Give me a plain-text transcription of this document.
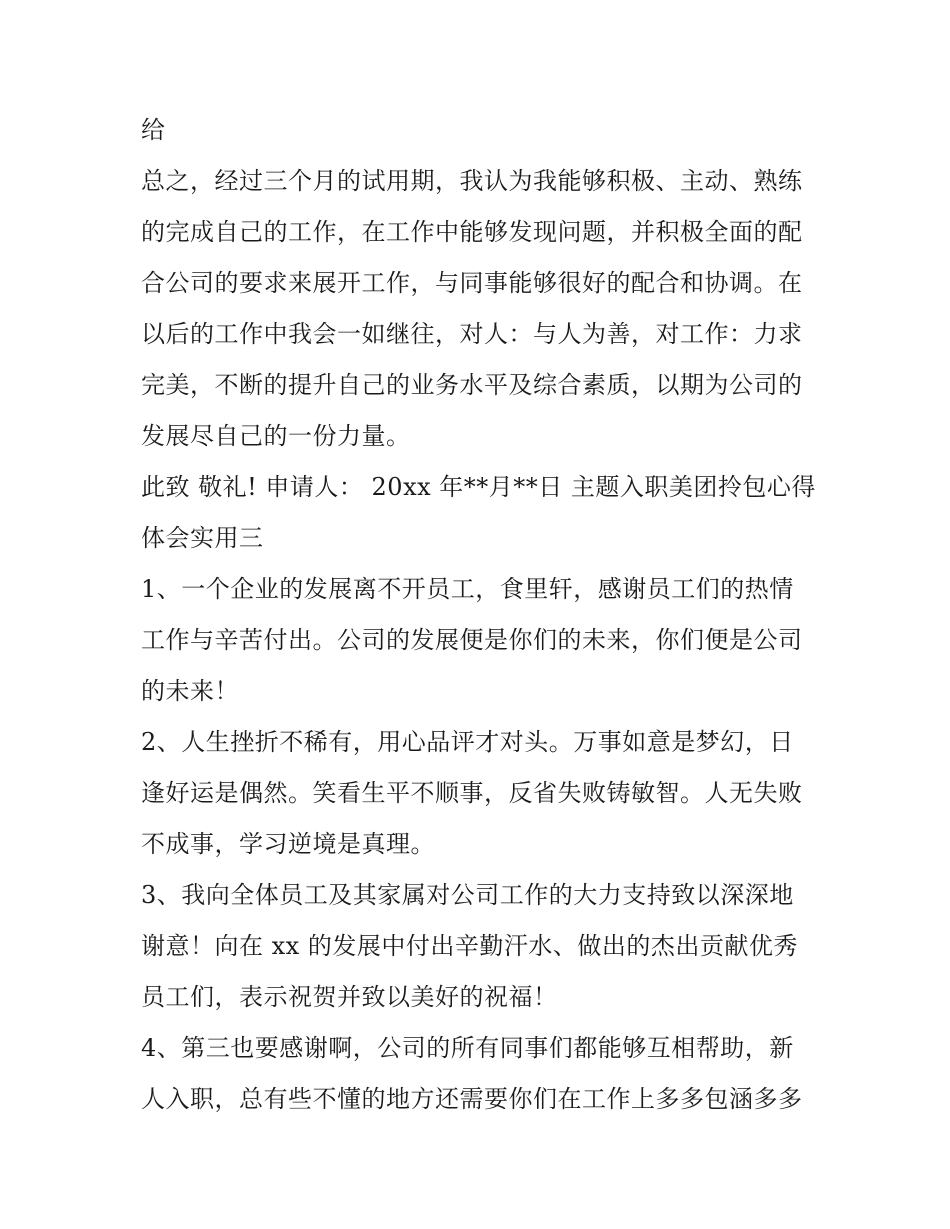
给
总之，经过三个月的试用期，我认为我能够积极、主动、熟练
的完成自己的工作，在工作中能够发现问题，并积极全面的配
合公司的要求来展开工作，与同事能够很好的配合和协调。在
以后的工作中我会一如继往，对人：与人为善，对工作：力求
完美，不断的提升自己的业务水平及综合素质，以期为公司的
发展尽自己的一份力量。
此致 敬礼! 申请人： 20xx 年**月**日 主题入职美团拎包心得
体会实用三
1、一个企业的发展离不开员工，食里轩，感谢员工们的热情
工作与辛苦付出。公司的发展便是你们的未来，你们便是公司
的未来！
2、人生挫折不稀有，用心品评才对头。万事如意是梦幻，日
逢好运是偶然。笑看生平不顺事，反省失败铸敏智。人无失败
不成事，学习逆境是真理。
3、我向全体员工及其家属对公司工作的大力支持致以深深地
谢意！向在 xx 的发展中付出辛勤汗水、做出的杰出贡献优秀
员工们，表示祝贺并致以美好的祝福！
4、第三也要感谢啊，公司的所有同事们都能够互相帮助，新
人入职，总有些不懂的地方还需要你们在工作上多多包涵多多
